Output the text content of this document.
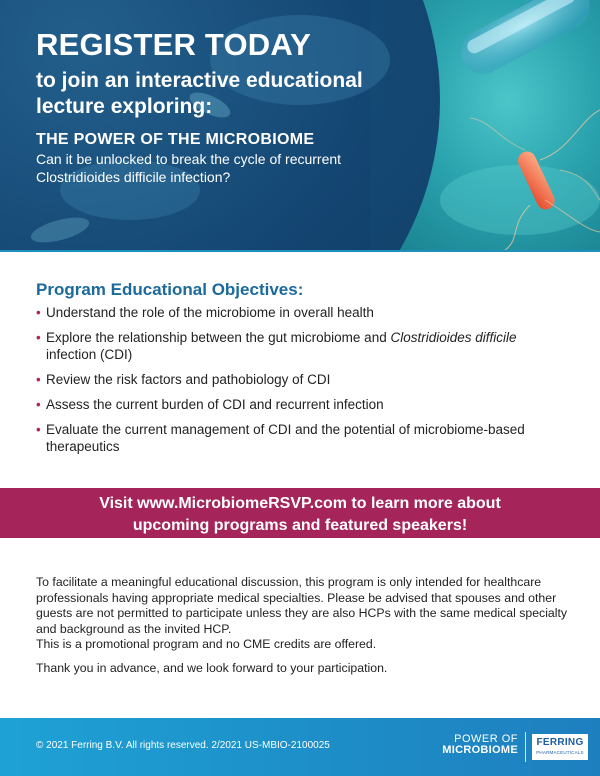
REGISTER TODAY
to join an interactive educational
lecture exploring:
THE POWER OF THE MICROBIOME
Can it be unlocked to break the cycle of recurrent Clostridioides difficile infection?
Program Educational Objectives:
• Understand the role of the microbiome in overall health
• Explore the relationship between the gut microbiome and Clostridioides difficile infection (CDI)
• Review the risk factors and pathobiology of CDI
• Assess the current burden of CDI and recurrent infection
• Evaluate the current management of CDI and the potential of microbiome-based therapeutics
Visit www.MicrobiomeRSVP.com to learn more about
upcoming programs and featured speakers!

To facilitate a meaningful educational discussion, this program is only intended for healthcare professionals having appropriate medical specialties. Please be advised that spouses and other guests are not permitted to participate unless they are also HCPs with the same medical specialty and background as the invited HCP.

This is a promotional program and no CME credits are offered.

Thank you in advance, and we look forward to your participation.

© 2021 Ferring B.V. All rights reserved. 2/2021 US-MBIO-2100025
POWER OF
MICROBIOME
FERRING
PHARMACEUTICALS
